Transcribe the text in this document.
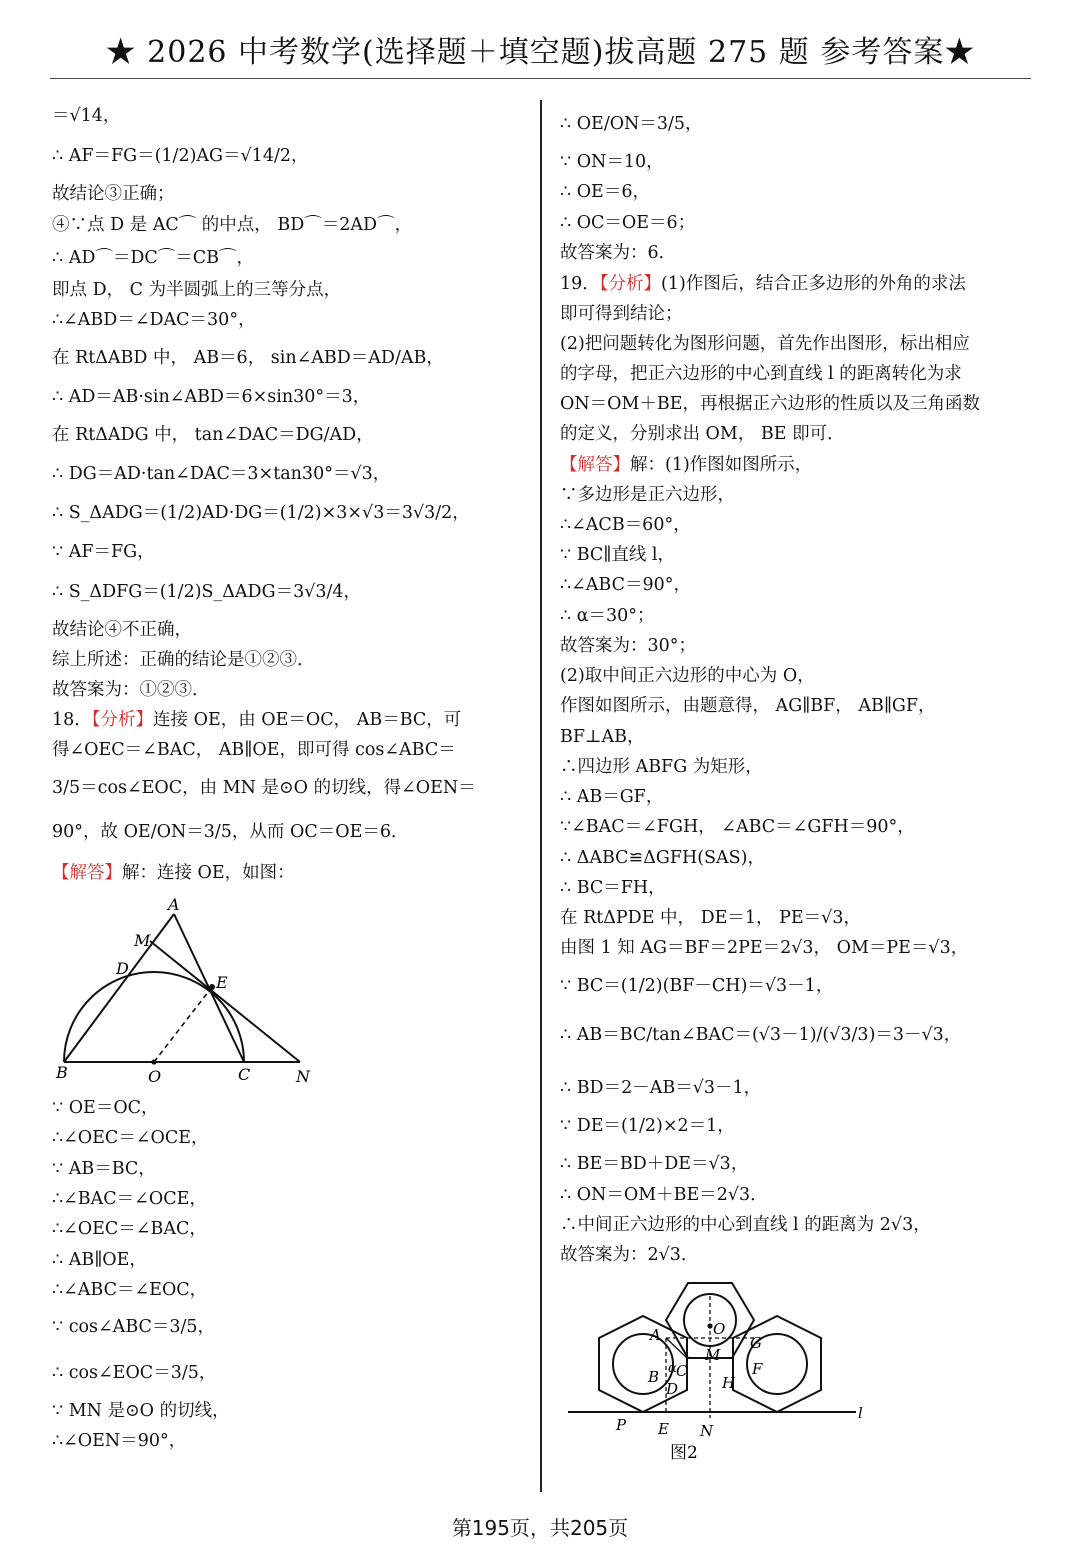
★ 2026 中考数学(选择题＋填空题)拔高题 275 题 参考答案★
＝√14，
∴ AF＝FG＝(1/2)AG＝√14/2，
故结论③正确；
④∵点 D 是 AC⌒ 的中点， BD⌒＝2AD⌒，
∴ AD⌒＝DC⌒＝CB⌒，
即点 D， C 为半圆弧上的三等分点，
∴∠ABD＝∠DAC＝30°，
在 RtΔABD 中， AB＝6， sin∠ABD＝AD/AB，
∴ AD＝AB·sin∠ABD＝6×sin30°＝3，
在 RtΔADG 中， tan∠DAC＝DG/AD，
∴ DG＝AD·tan∠DAC＝3×tan30°＝√3，
∴ S_ΔADG＝(1/2)AD·DG＝(1/2)×3×√3＝3√3/2，
∵ AF＝FG，
∴ S_ΔDFG＝(1/2)S_ΔADG＝3√3/4，
故结论④不正确，
综上所述：正确的结论是①②③．
故答案为：①②③．
18．【分析】连接 OE，由 OE＝OC， AB＝BC，可
得∠OEC＝∠BAC， AB∥OE，即可得 cos∠ABC＝
3/5＝cos∠EOC，由 MN 是⊙O 的切线，得∠OEN＝
90°，故 OE/ON＝3/5，从而 OC＝OE＝6．
【解答】解：连接 OE，如图：
∵ OE＝OC，
∴∠OEC＝∠OCE，
∵ AB＝BC，
∴∠BAC＝∠OCE，
∴∠OEC＝∠BAC，
∴ AB∥OE，
∴∠ABC＝∠EOC，
∵ cos∠ABC＝3/5，
∴ cos∠EOC＝3/5，
∵ MN 是⊙O 的切线，
∴∠OEN＝90°，
∴ OE/ON＝3/5，
∵ ON＝10，
∴ OE＝6，
∴ OC＝OE＝6；
故答案为：6．
19．【分析】(1)作图后，结合正多边形的外角的求法
即可得到结论；
(2)把问题转化为图形问题，首先作出图形，标出相应
的字母，把正六边形的中心到直线 l 的距离转化为求
ON＝OM＋BE，再根据正六边形的性质以及三角函数
的定义，分别求出 OM， BE 即可．
【解答】解：(1)作图如图所示，
∵多边形是正六边形，
∴∠ACB＝60°，
∵ BC∥直线 l，
∴∠ABC＝90°，
∴ α＝30°；
故答案为：30°；
(2)取中间正六边形的中心为 O，
作图如图所示，由题意得， AG∥BF， AB∥GF，
BF⊥AB，
∴四边形 ABFG 为矩形，
∴ AB＝GF，
∵∠BAC＝∠FGH， ∠ABC＝∠GFH＝90°，
∴ ΔABC≌ΔGFH(SAS)，
∴ BC＝FH，
在 RtΔPDE 中， DE＝1， PE＝√3，
由图 1 知 AG＝BF＝2PE＝2√3， OM＝PE＝√3，
∵ BC＝(1/2)(BF－CH)＝√3－1，
∴ AB＝BC/tan∠BAC＝(√3－1)/(√3/3)＝3－√3，
∴ BD＝2－AB＝√3－1，
∵ DE＝(1/2)×2＝1，
∴ BE＝BD＋DE＝√3，
∴ ON＝OM＋BE＝2√3．
∴中间正六边形的中心到直线 l 的距离为 2√3，
故答案为：2√3．
A
M
D
E
B	O	C	N
O
A	G
M
B α C	F
H
D
P E N
l
图2
第195页，共205页
